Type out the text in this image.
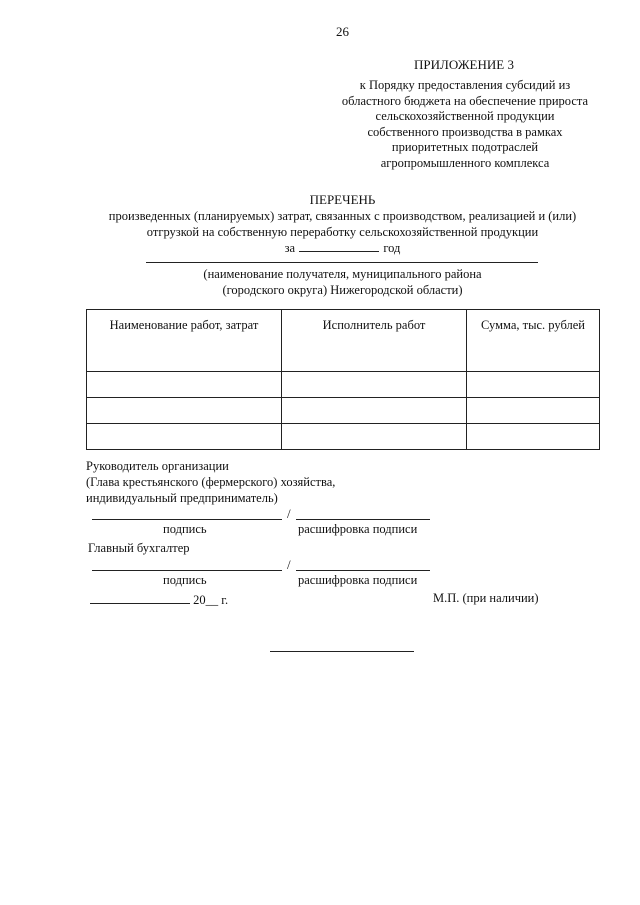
26
ПРИЛОЖЕНИЕ 3
к Порядку предоставления субсидий из
областного бюджета на обеспечение прироста
сельскохозяйственной продукции
собственного производства в рамках
приоритетных подотраслей
агропромышленного комплекса
ПЕРЕЧЕНЬ
произведенных (планируемых) затрат, связанных с производством, реализацией и (или)
отгрузкой на собственную переработку сельскохозяйственной продукции
за	год
(наименование получателя, муниципального района
(городского округа) Нижегородской области)
Наименование работ, затрат	Исполнитель работ	Сумма, тыс. рублей

Руководитель организации
(Глава крестьянского (фермерского) хозяйства,
индивидуальный предприниматель)
/
подпись	расшифровка подписи
Главный бухгалтер
/
подпись	расшифровка подписи
20__ г.	М.П. (при наличии)
